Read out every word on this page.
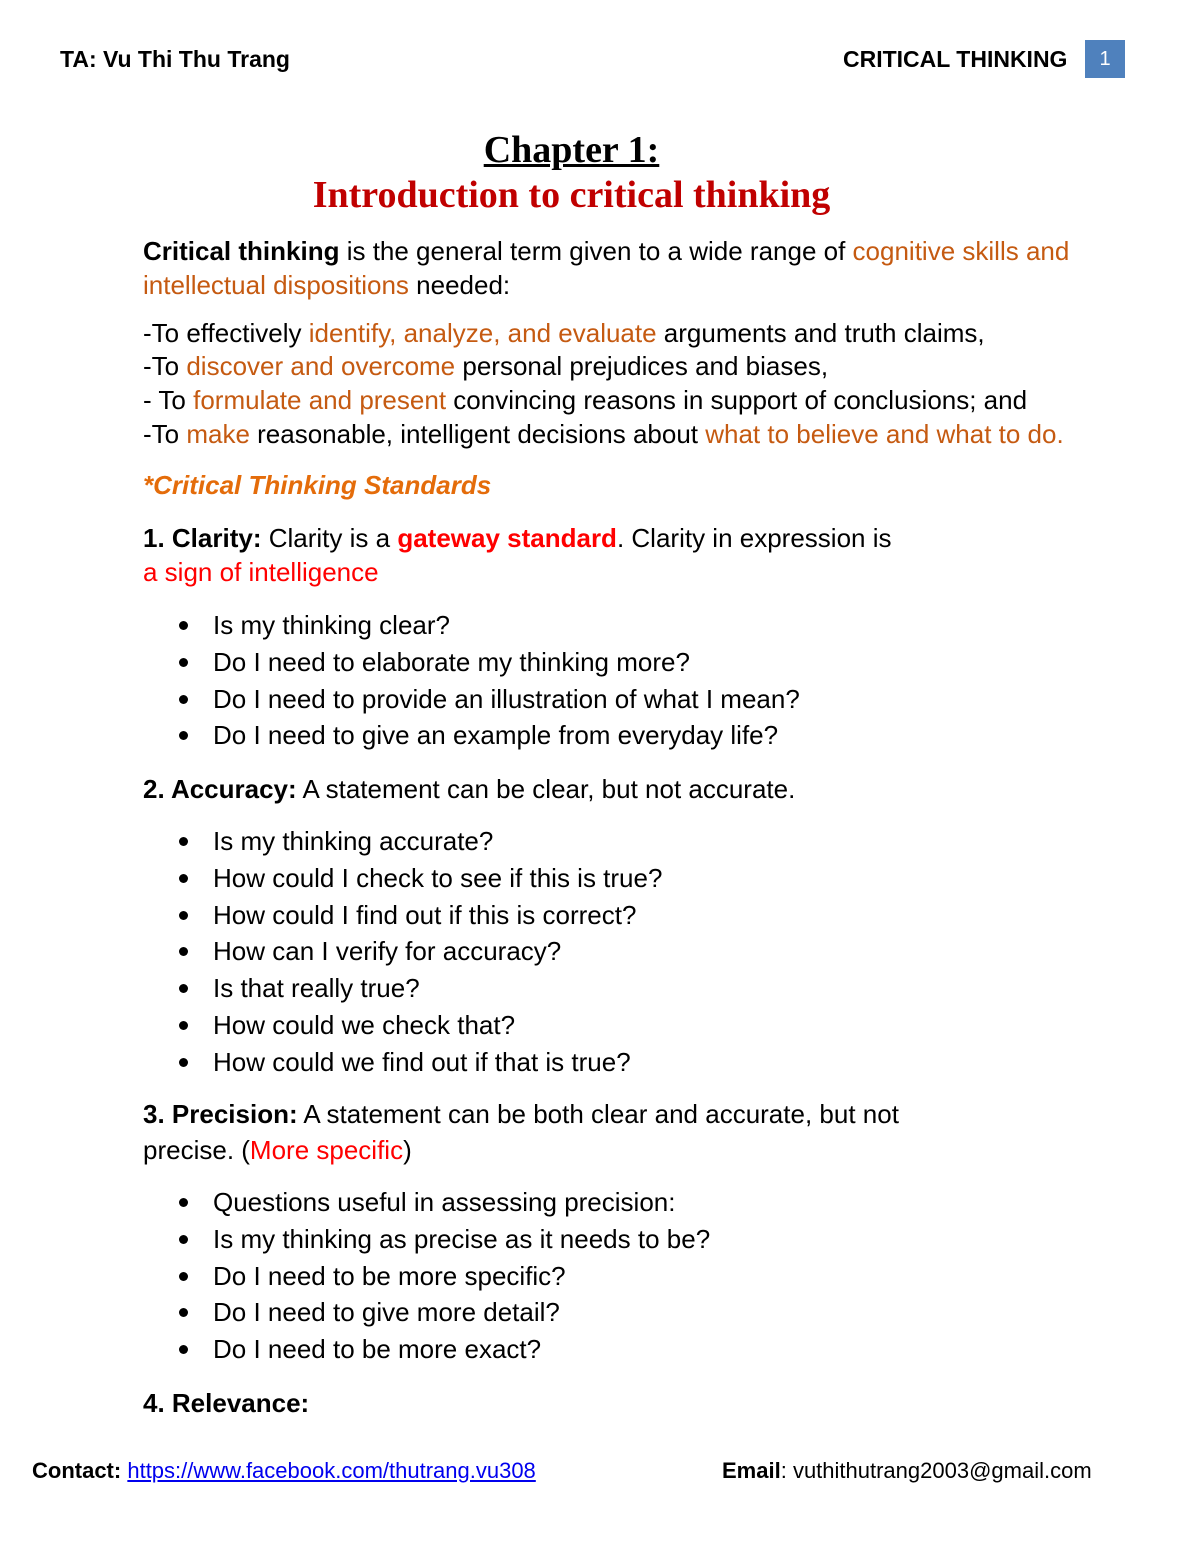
TA: Vu Thi Thu Trang	CRITICAL THINKING	1
Chapter 1:
Introduction to critical thinking
Critical thinking is the general term given to a wide range of cognitive skills and
intellectual dispositions needed:
-To effectively identify, analyze, and evaluate arguments and truth claims,
-To discover and overcome personal prejudices and biases,
- To formulate and present convincing reasons in support of conclusions; and
-To make reasonable, intelligent decisions about what to believe and what to do.
*Critical Thinking Standards
1. Clarity: Clarity is a gateway standard. Clarity in expression is
a sign of intelligence
Is my thinking clear?
Do I need to elaborate my thinking more?
Do I need to provide an illustration of what I mean?
Do I need to give an example from everyday life?
2. Accuracy: A statement can be clear, but not accurate.
Is my thinking accurate?
How could I check to see if this is true?
How could I find out if this is correct?
How can I verify for accuracy?
Is that really true?
How could we check that?
How could we find out if that is true?
3. Precision: A statement can be both clear and accurate, but not
precise. (More specific)
Questions useful in assessing precision:
Is my thinking as precise as it needs to be?
Do I need to be more specific?
Do I need to give more detail?
Do I need to be more exact?
4. Relevance:
Contact: https://www.facebook.com/thutrang.vu308	Email: vuthithutrang2003@gmail.com
